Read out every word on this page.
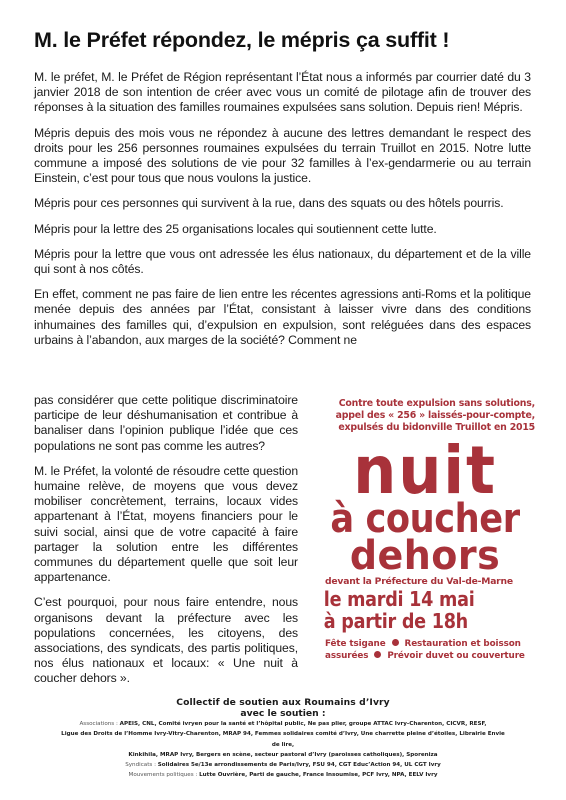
M. le Préfet répondez, le mépris ça suffit !

M. le préfet, M. le Préfet de Région représentant l’État nous a informés par courrier daté du 3 janvier 2018 de son intention de créer avec vous un comité de pilotage afin de trouver des réponses à la situation des familles roumaines expulsées sans solution. Depuis rien! Mépris.

Mépris depuis des mois vous ne répondez à aucune des lettres demandant le respect des droits pour les 256 personnes roumaines expulsées du terrain Truillot en 2015. Notre lutte commune a imposé des solutions de vie pour 32 familles à l’ex-gendarmerie ou au terrain Einstein, c’est pour tous que nous voulons la justice.

Mépris pour ces personnes qui survivent à la rue, dans des squats ou des hôtels pourris.

Mépris pour la lettre des 25 organisations locales qui soutiennent cette lutte.

Mépris pour la lettre que vous ont adressée les élus nationaux, du département et de la ville qui sont à nos côtés.

En effet, comment ne pas faire de lien entre les récentes agressions anti-Roms et la politique menée depuis des années par l’État, consistant à laisser vivre dans des conditions inhumaines des familles qui, d’expulsion en expulsion, sont reléguées dans des espaces urbains à l’abandon, aux marges de la société? Comment ne

pas considérer que cette politique discriminatoire participe de leur déshumanisation et contribue à banaliser dans l’opinion publique l’idée que ces populations ne sont pas comme les autres?

M. le Préfet, la volonté de résoudre cette question humaine relève, de moyens que vous devez mobiliser concrètement, terrains, locaux vides appartenant à l’État, moyens financiers pour le suivi social, ainsi que de votre capacité à faire partager la solution entre les différentes communes du département quelle que soit leur appartenance.

C’est pourquoi, pour nous faire entendre, nous organisons devant la préfecture avec les populations concernées, les citoyens, des associations, des syndicats, des partis politiques, nos élus nationaux et locaux: « Une nuit à coucher dehors ».

Contre toute expulsion sans solutions, appel des « 256 » laissés-pour-compte, expulsés du bidonville Truillot en 2015
nuit
à coucher
dehors
devant la Préfecture du Val-de-Marne
le mardi 14 mai
à partir de 18h
Fête tsigane Restauration et boisson
assurées Prévoir duvet ou couverture
Collectif de soutien aux Roumains d’Ivry
avec le soutien :
Associations : APEIS, CNL, Comité ivryen pour la santé et l’hôpital public, Ne pas plier, groupe ATTAC Ivry-Charenton, CICVR, RESF,
Ligue des Droits de l’Homme Ivry-Vitry-Charenton, MRAP 94, Femmes solidaires comité d’Ivry, Une charrette pleine d’étoiles, Librairie Envie de lire,
Kinkihila, MRAP Ivry, Bergers en scène, secteur pastoral d’Ivry (paroisses catholiques), Sporeniza
Syndicats : Solidaires 5e/13e arrondissements de Paris/Ivry, FSU 94, CGT Educ’Action 94, UL CGT Ivry
Mouvements politiques : Lutte Ouvrière, Parti de gauche, France Insoumise, PCF Ivry, NPA, EELV Ivry
